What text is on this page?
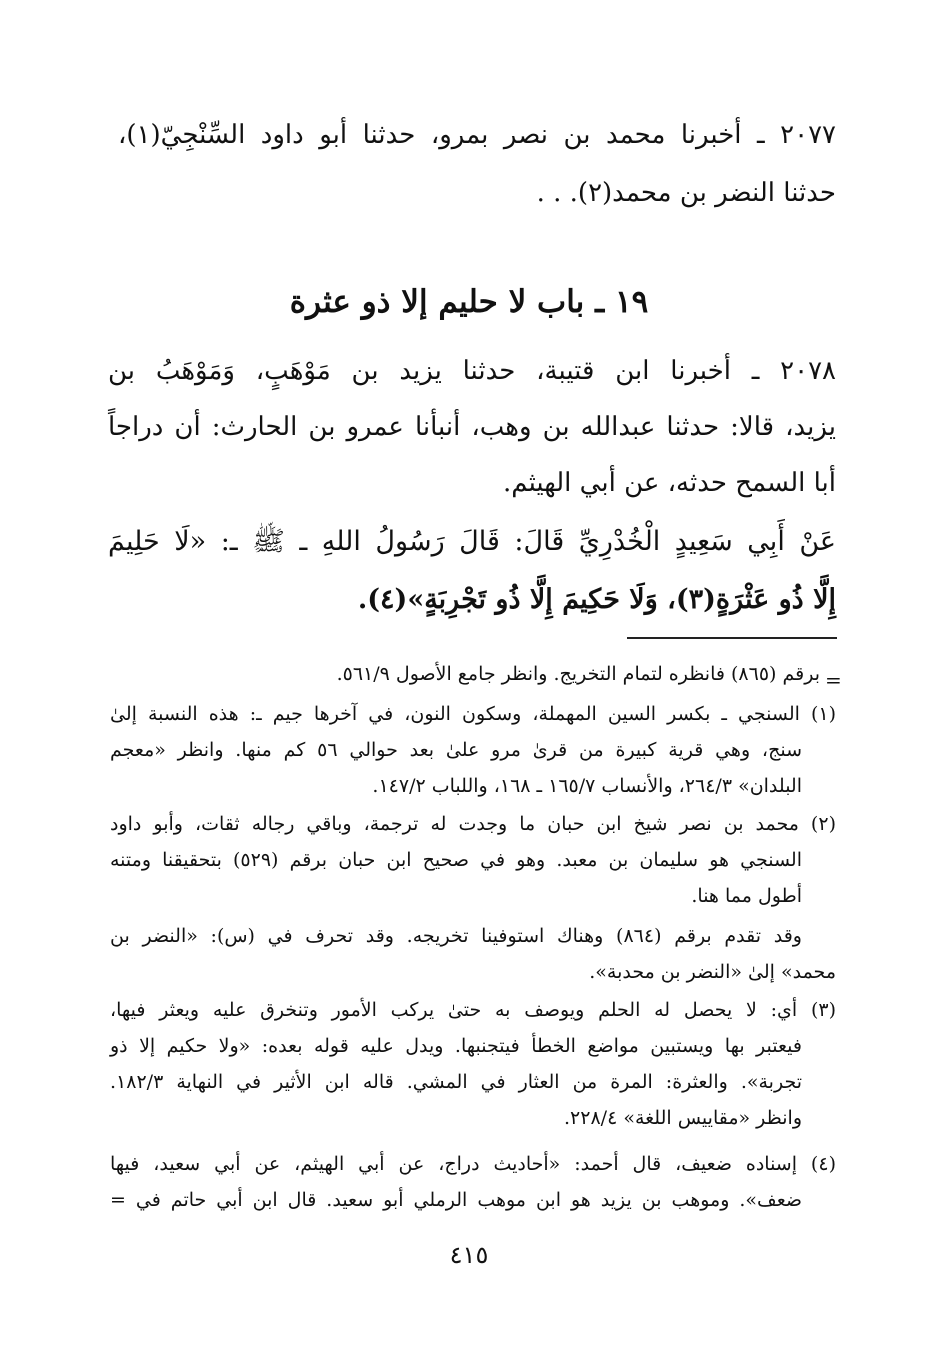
٢٠٧٧ ـ أخبرنا محمد بن نصر بمرو، حدثنا أبو داود السِّنْجِيّ(١)،
حدثنا النضر بن محمد(٢). . .
١٩ ـ باب لا حليم إلا ذو عثرة
٢٠٧٨ ـ أخبرنا ابن قتيبة، حدثنا يزيد بن مَوْهَبٍ، وَمَوْهَبُ بن
يزيد، قالا: حدثنا عبدالله بن وهب، أنبأنا عمرو بن الحارث: أن دراجاً
أبا السمح حدثه، عن أبي الهيثم.
عَنْ أَبِي سَعِيدٍ الْخُدْرِيِّ قَالَ: قَالَ رَسُولُ اللهِ ـ ﷺ ـ: «لَا حَلِيمَ
إِلَّا ذُو عَثْرَةٍ(٣)، وَلَا حَكِيمَ إِلَّا ذُو تَجْرِبَةٍ»(٤).
=
برقم (٨٦٥) فانظره لتمام التخريج. وانظر جامع الأصول ٥٦١/٩.
(١) السنجي ـ بكسر السين المهملة، وسكون النون، في آخرها جيم ـ: هذه النسبة إلىٰ
سنج، وهي قرية كبيرة من قرىٰ مرو علىٰ بعد حوالي ٥٦ كم منها. وانظر «معجم
البلدان» ٢٦٤/٣، والأنساب ١٦٥/٧ ـ ١٦٨، واللباب ١٤٧/٢.
(٢) محمد بن نصر شيخ ابن حبان ما وجدت له ترجمة، وباقي رجاله ثقات، وأبو داود
السنجي هو سليمان بن معبد. وهو في صحيح ابن حبان برقم (٥٢٩) بتحقيقنا ومتنه
أطول مما هنا.
وقد تقدم برقم (٨٦٤) وهناك استوفينا تخريجه. وقد تحرف في (س): «النضر بن
محمد» إلىٰ «النضر بن محدبة».
(٣) أي: لا يحصل له الحلم ويوصف به حتىٰ يركب الأمور وتنخرق عليه ويعثر فيها،
فيعتبر بها ويستبين مواضع الخطأ فيتجنبها. ويدل عليه قوله بعده: «ولا حكيم إلا ذو
تجربة». والعثرة: المرة من العثار في المشي. قاله ابن الأثير في النهاية ١٨٢/٣.
وانظر «مقاييس اللغة» ٢٢٨/٤.
(٤) إسناده ضعيف، قال أحمد: «أحاديث دراج، عن أبي الهيثم، عن أبي سعيد، فيها
ضعف». وموهب بن يزيد هو ابن موهب الرملي أبو سعيد. قال ابن أبي حاتم في =
٤١٥
